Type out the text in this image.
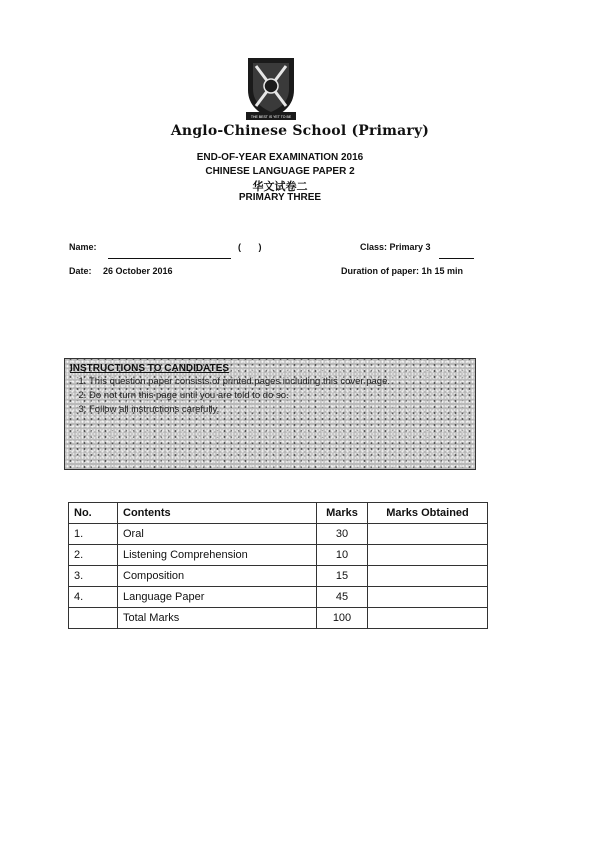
THE BEST IS YET TO BE
Anglo-Chinese School (Primary)
END-OF-YEAR EXAMINATION 2016
CHINESE LANGUAGE PAPER 2
华文试卷二
PRIMARY THREE
Name:	(       )	Class: Primary 3
Date: 26 October 2016	Duration of paper: 1h 15 min
INSTRUCTIONS TO CANDIDATES
1. This question paper consists of printed pages including this cover page.
2. Do not turn this page until you are told to do so.
3. Follow all instructions carefully.
No.	Contents	Marks	Marks Obtained
1.	Oral	30	
2.	Listening Comprehension	10	
3.	Composition	15	
4.	Language Paper	45	
	Total Marks	100	
